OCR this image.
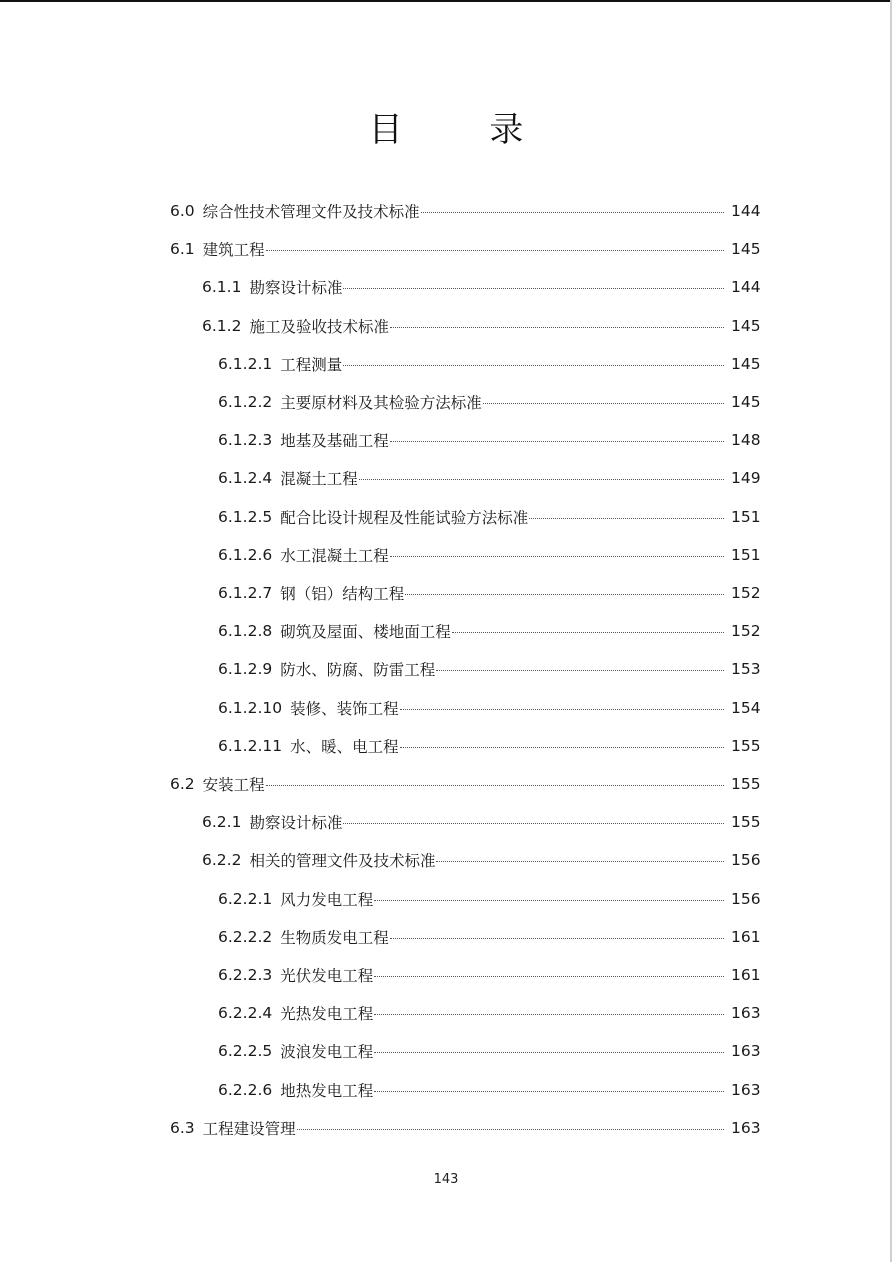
目 录
6.0 综合性技术管理文件及技术标准	144
6.1 建筑工程	145
6.1.1 勘察设计标准	144
6.1.2 施工及验收技术标准	145
6.1.2.1 工程测量	145
6.1.2.2 主要原材料及其检验方法标准	145
6.1.2.3 地基及基础工程	148
6.1.2.4 混凝土工程	149
6.1.2.5 配合比设计规程及性能试验方法标准	151
6.1.2.6 水工混凝土工程	151
6.1.2.7 钢（铝）结构工程	152
6.1.2.8 砌筑及屋面、楼地面工程	152
6.1.2.9 防水、防腐、防雷工程	153
6.1.2.10 装修、装饰工程	154
6.1.2.11 水、暖、电工程	155
6.2 安装工程	155
6.2.1 勘察设计标准	155
6.2.2 相关的管理文件及技术标准	156
6.2.2.1 风力发电工程	156
6.2.2.2 生物质发电工程	161
6.2.2.3 光伏发电工程	161
6.2.2.4 光热发电工程	163
6.2.2.5 波浪发电工程	163
6.2.2.6 地热发电工程	163
6.3 工程建设管理	163
143
